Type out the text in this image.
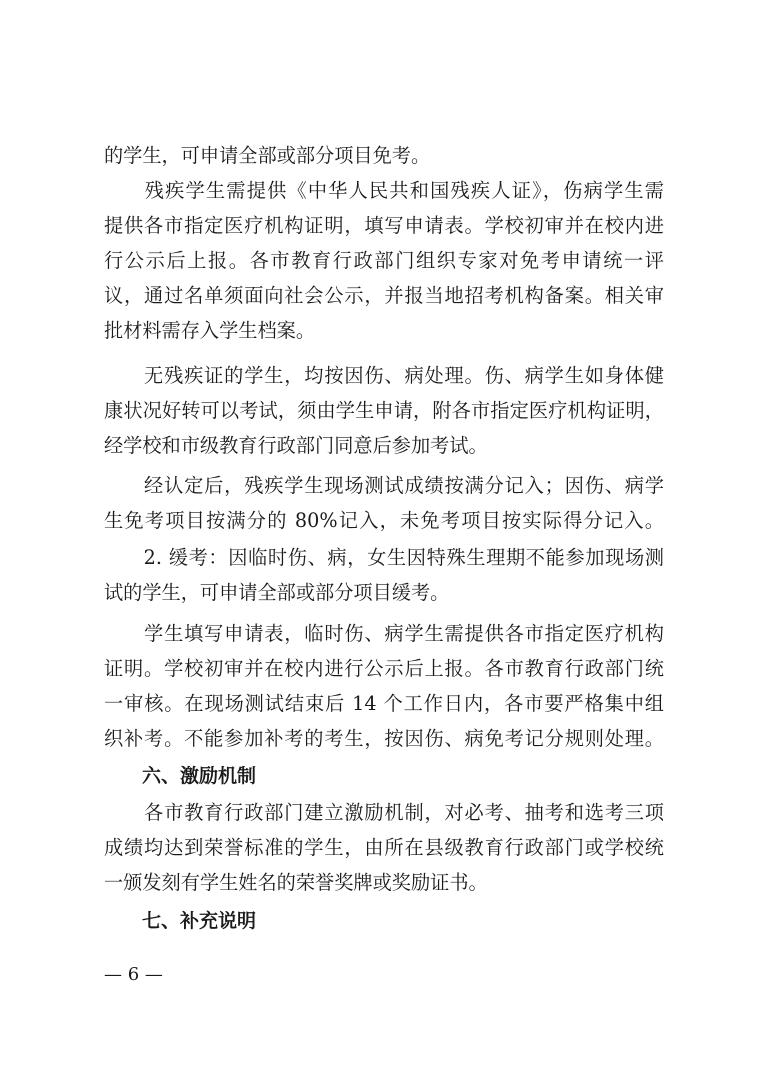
的学生，可申请全部或部分项目免考。
　　残疾学生需提供《中华人民共和国残疾人证》，伤病学生需
提供各市指定医疗机构证明，填写申请表。学校初审并在校内进
行公示后上报。各市教育行政部门组织专家对免考申请统一评
议，通过名单须面向社会公示，并报当地招考机构备案。相关审
批材料需存入学生档案。
　　无残疾证的学生，均按因伤、病处理。伤、病学生如身体健
康状况好转可以考试，须由学生申请，附各市指定医疗机构证明，
经学校和市级教育行政部门同意后参加考试。
　　经认定后，残疾学生现场测试成绩按满分记入；因伤、病学
生免考项目按满分的 80%记入，未免考项目按实际得分记入。
　　2. 缓考：因临时伤、病，女生因特殊生理期不能参加现场测
试的学生，可申请全部或部分项目缓考。
　　学生填写申请表，临时伤、病学生需提供各市指定医疗机构
证明。学校初审并在校内进行公示后上报。各市教育行政部门统
一审核。在现场测试结束后 14 个工作日内，各市要严格集中组
织补考。不能参加补考的考生，按因伤、病免考记分规则处理。
　　六、激励机制
　　各市教育行政部门建立激励机制，对必考、抽考和选考三项
成绩均达到荣誉标准的学生，由所在县级教育行政部门或学校统
一颁发刻有学生姓名的荣誉奖牌或奖励证书。
　　七、补充说明
— 6 —
